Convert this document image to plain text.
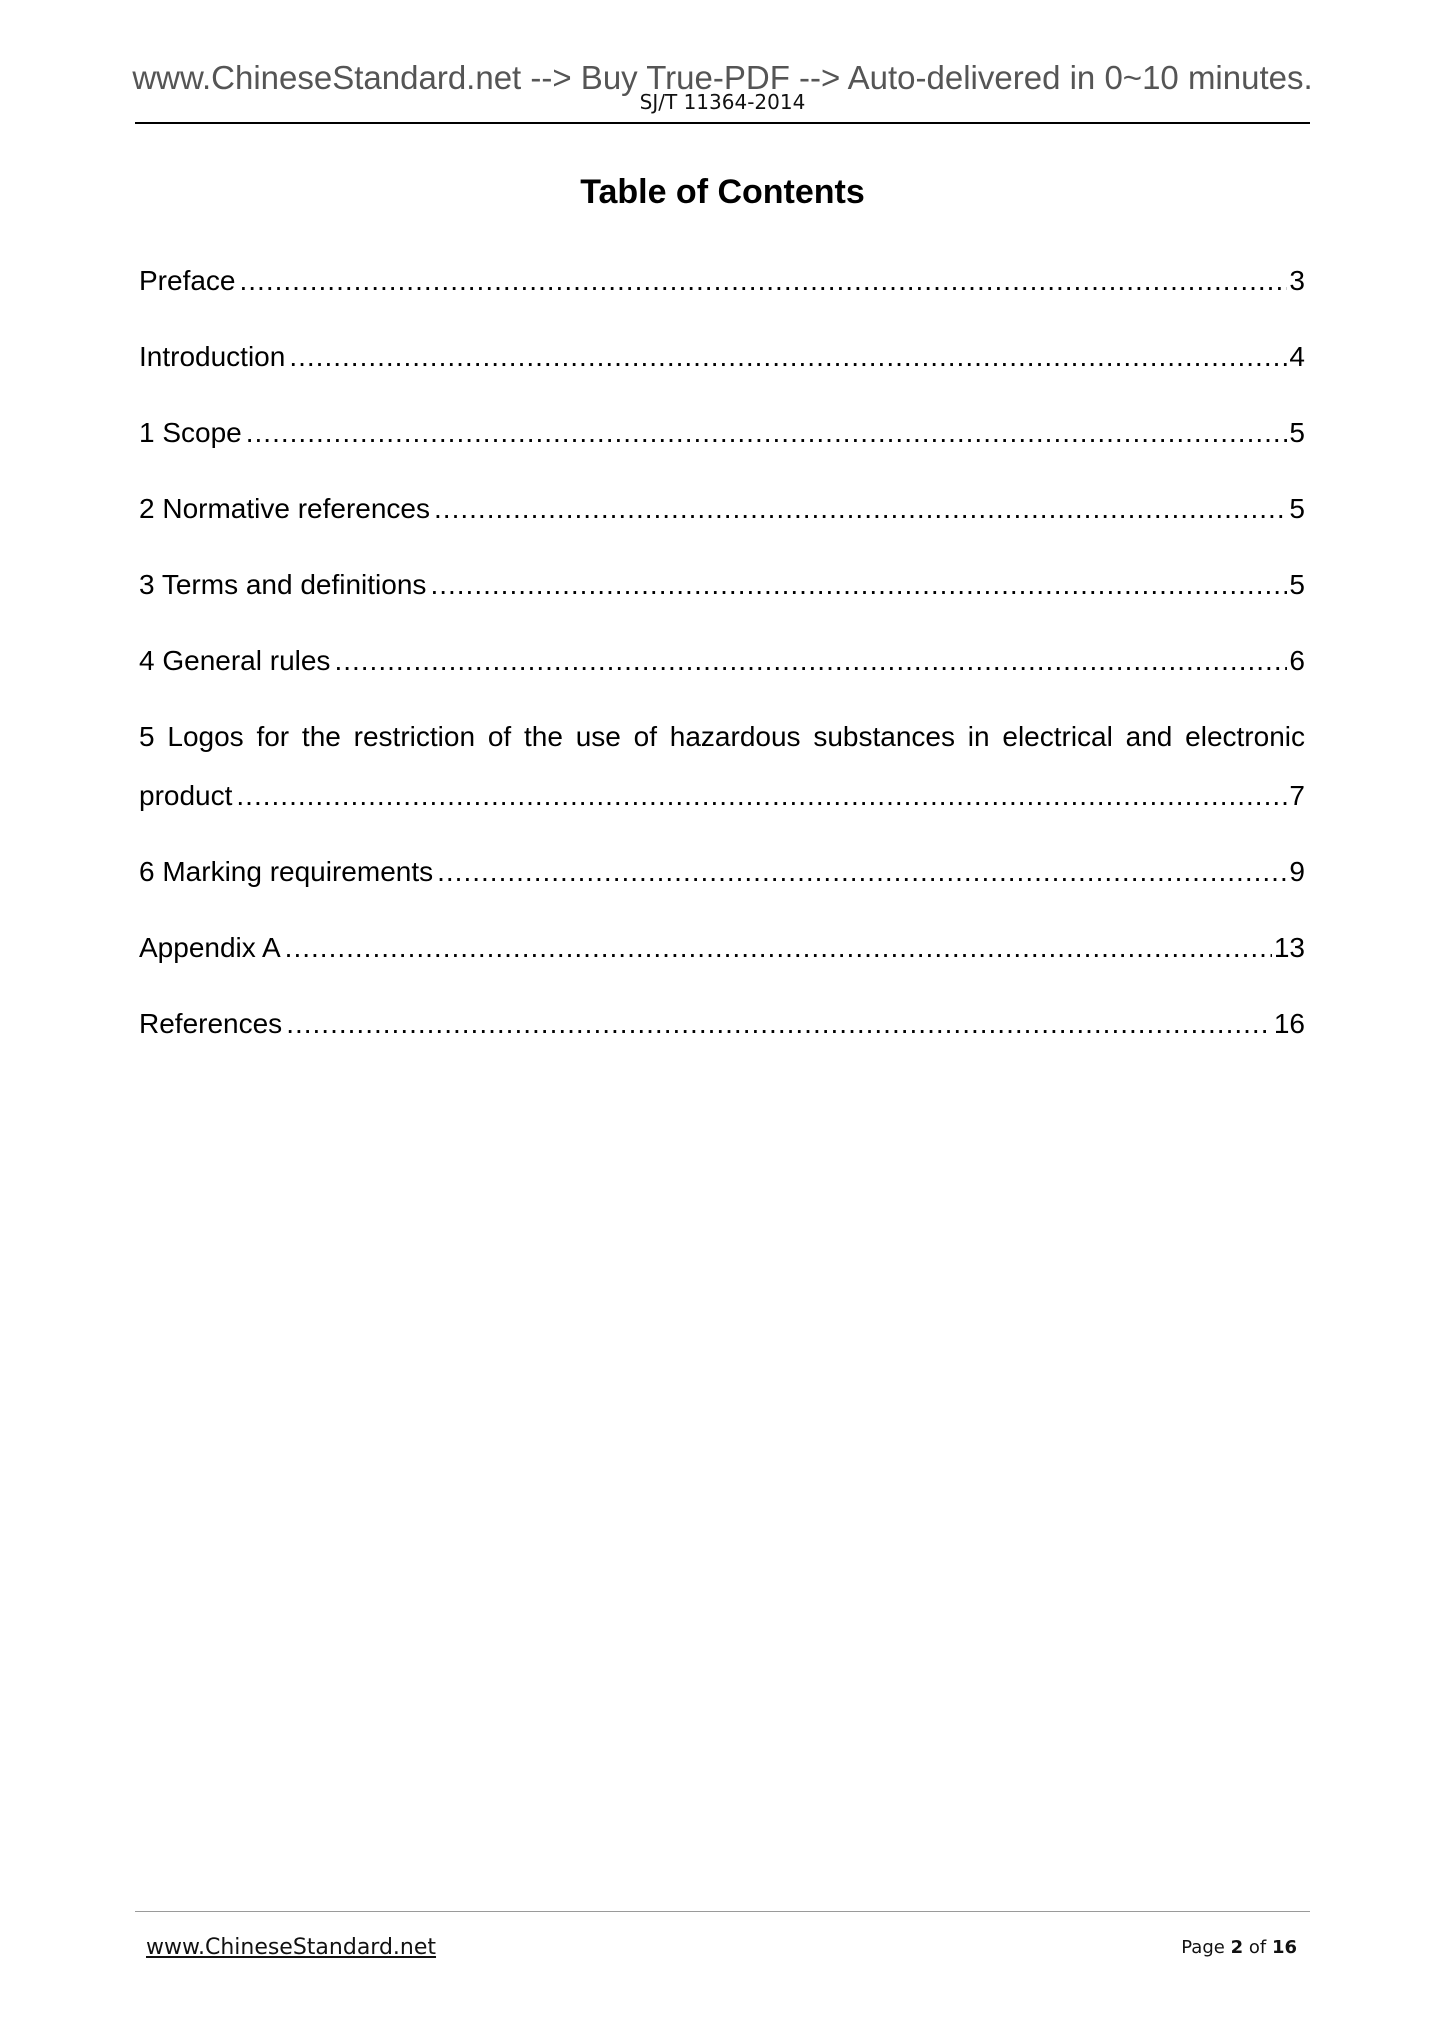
www.ChineseStandard.net --> Buy True-PDF --> Auto-delivered in 0~10 minutes.
SJ/T 11364-2014
Table of Contents
Preface .....	3
Introduction .....	4
1 Scope .....	5
2 Normative references .....	5
3 Terms and definitions .....	5
4 General rules .....	6
5 Logos for the restriction of the use of hazardous substances in electrical and electronic
product .....	7
6 Marking requirements .....	9
Appendix A .....	13
References .....	16
www.ChineseStandard.net	Page 2 of 16
